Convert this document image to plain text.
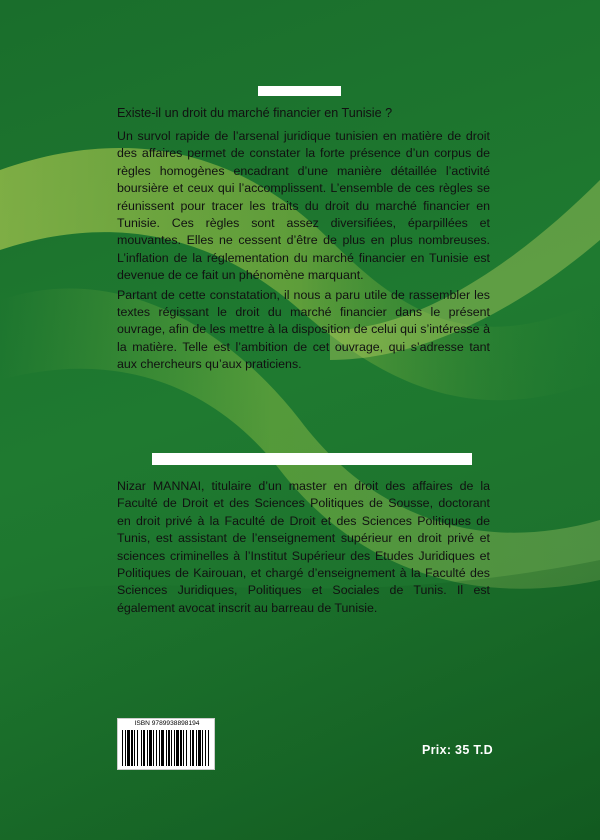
Existe-il un droit du marché financier en Tunisie ?

Un survol rapide de l’arsenal juridique tunisien en matière de droit des affaires permet de constater la forte présence d’un corpus de règles homogènes encadrant d’une manière détaillée l’activité boursière et ceux qui l’accomplissent. L’ensemble de ces règles se réunissent pour tracer les traits du droit du marché financier en Tunisie. Ces règles sont assez diversifiées, éparpillées et mouvantes. Elles ne cessent d’être de plus en plus nombreuses. L’inflation de la réglementation du marché financier en Tunisie est devenue de ce fait un phénomène marquant.

Partant de cette constatation, il nous a paru utile de rassembler les textes régissant le droit du marché financier dans le présent ouvrage, afin de les mettre à la disposition de celui qui s’intéresse à la matière. Telle est l’ambition de cet ouvrage, qui s’adresse tant aux chercheurs qu’aux praticiens.

Nizar MANNAI, titulaire d’un master en droit des affaires de la Faculté de Droit et des Sciences Politiques de Sousse, doctorant en droit privé à la Faculté de Droit et des Sciences Politiques de Tunis, est assistant de l’enseignement supérieur en droit privé et sciences criminelles à l’Institut Supérieur des Etudes Juridiques et Politiques de Kairouan, et chargé d’enseignement à la Faculté des Sciences Juridiques, Politiques et Sociales de Tunis. Il est également avocat inscrit au barreau de Tunisie.
ISBN 9789938898194
Prix: 35 T.D
